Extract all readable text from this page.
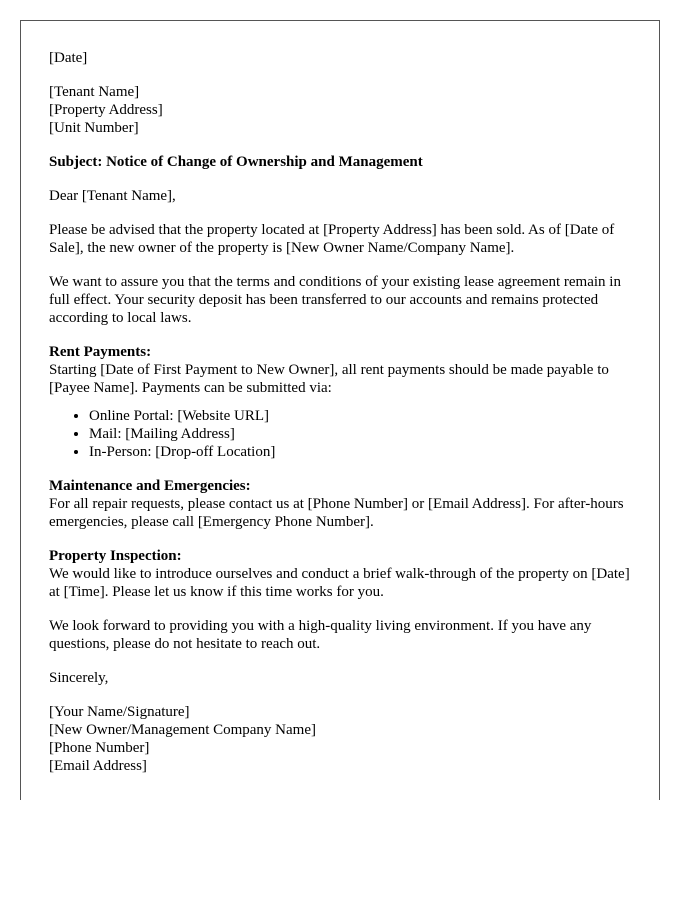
[Date]
[Tenant Name]
[Property Address]
[Unit Number]
Subject: Notice of Change of Ownership and Management
Dear [Tenant Name],
Please be advised that the property located at [Property Address] has been sold. As of [Date of Sale], the new owner of the property is [New Owner Name/Company Name].
We want to assure you that the terms and conditions of your existing lease agreement remain in full effect. Your security deposit has been transferred to our accounts and remains protected according to local laws.
Rent Payments:
Starting [Date of First Payment to New Owner], all rent payments should be made payable to [Payee Name]. Payments can be submitted via:
• Online Portal: [Website URL]
• Mail: [Mailing Address]
• In-Person: [Drop-off Location]
Maintenance and Emergencies:
For all repair requests, please contact us at [Phone Number] or [Email Address]. For after-hours emergencies, please call [Emergency Phone Number].
Property Inspection:
We would like to introduce ourselves and conduct a brief walk-through of the property on [Date] at [Time]. Please let us know if this time works for you.
We look forward to providing you with a high-quality living environment. If you have any questions, please do not hesitate to reach out.
Sincerely,
[Your Name/Signature]
[New Owner/Management Company Name]
[Phone Number]
[Email Address]
